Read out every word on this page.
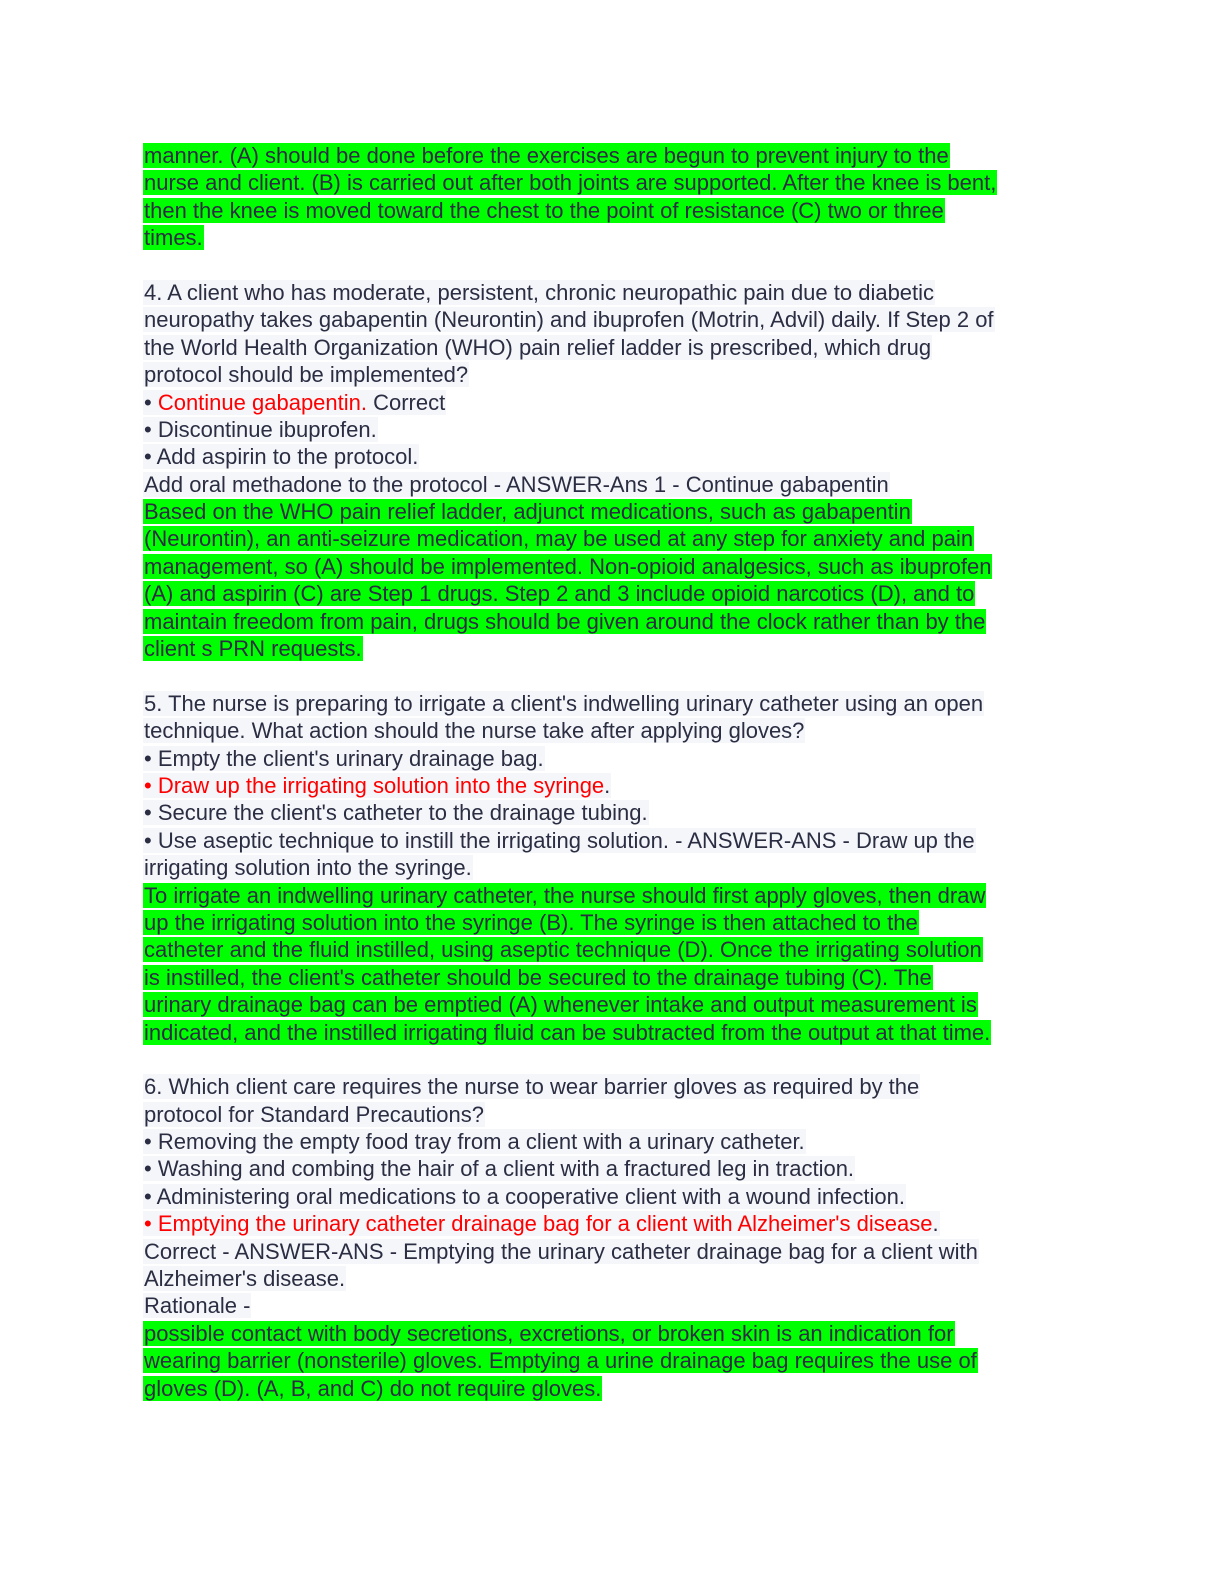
manner. (A) should be done before the exercises are begun to prevent injury to the
nurse and client. (B) is carried out after both joints are supported. After the knee is bent,
then the knee is moved toward the chest to the point of resistance (C) two or three
times.
4. A client who has moderate, persistent, chronic neuropathic pain due to diabetic
neuropathy takes gabapentin (Neurontin) and ibuprofen (Motrin, Advil) daily. If Step 2 of
the World Health Organization (WHO) pain relief ladder is prescribed, which drug
protocol should be implemented?
• Continue gabapentin. Correct
• Discontinue ibuprofen.
• Add aspirin to the protocol.
Add oral methadone to the protocol - ANSWER-Ans 1 - Continue gabapentin
Based on the WHO pain relief ladder, adjunct medications, such as gabapentin
(Neurontin), an anti-seizure medication, may be used at any step for anxiety and pain
management, so (A) should be implemented. Non-opioid analgesics, such as ibuprofen
(A) and aspirin (C) are Step 1 drugs. Step 2 and 3 include opioid narcotics (D), and to
maintain freedom from pain, drugs should be given around the clock rather than by the
client s PRN requests.
5. The nurse is preparing to irrigate a client's indwelling urinary catheter using an open
technique. What action should the nurse take after applying gloves?
• Empty the client's urinary drainage bag.
• Draw up the irrigating solution into the syringe.
• Secure the client's catheter to the drainage tubing.
• Use aseptic technique to instill the irrigating solution. - ANSWER-ANS - Draw up the
irrigating solution into the syringe.
To irrigate an indwelling urinary catheter, the nurse should first apply gloves, then draw
up the irrigating solution into the syringe (B). The syringe is then attached to the
catheter and the fluid instilled, using aseptic technique (D). Once the irrigating solution
is instilled, the client's catheter should be secured to the drainage tubing (C). The
urinary drainage bag can be emptied (A) whenever intake and output measurement is
indicated, and the instilled irrigating fluid can be subtracted from the output at that time.
6. Which client care requires the nurse to wear barrier gloves as required by the
protocol for Standard Precautions?
• Removing the empty food tray from a client with a urinary catheter.
• Washing and combing the hair of a client with a fractured leg in traction.
• Administering oral medications to a cooperative client with a wound infection.
• Emptying the urinary catheter drainage bag for a client with Alzheimer's disease.
Correct - ANSWER-ANS - Emptying the urinary catheter drainage bag for a client with
Alzheimer's disease.
Rationale -
possible contact with body secretions, excretions, or broken skin is an indication for
wearing barrier (nonsterile) gloves. Emptying a urine drainage bag requires the use of
gloves (D). (A, B, and C) do not require gloves.
